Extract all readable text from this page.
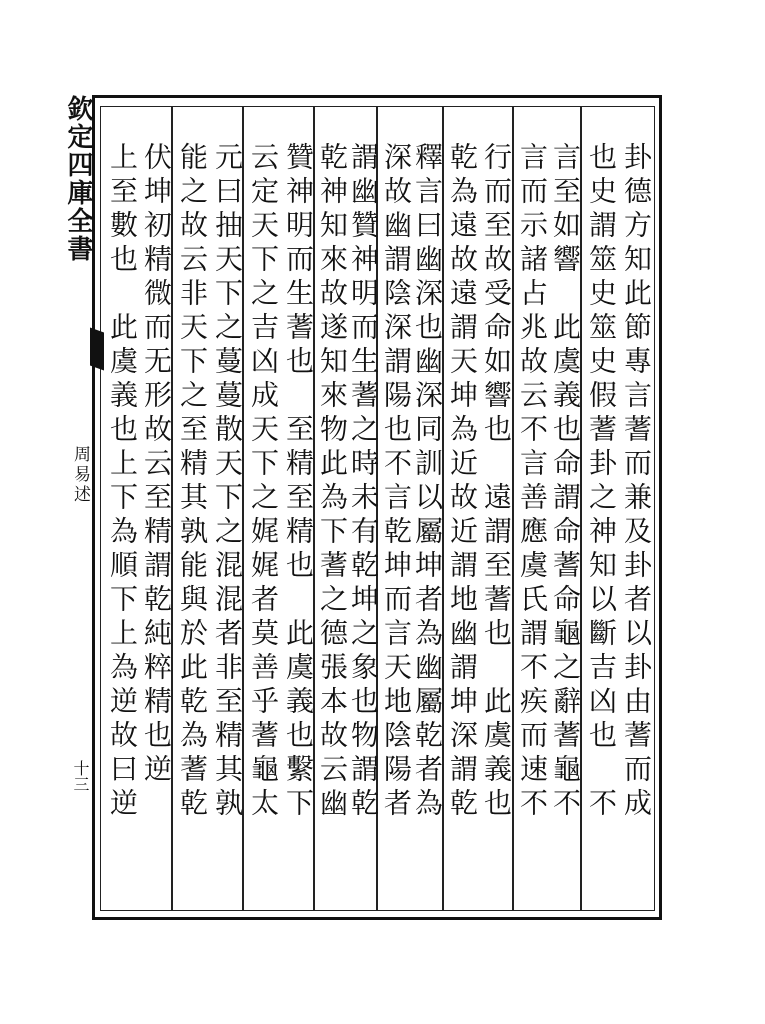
欽定四庫全書
周易述
十三	卦德方知此節專言蓍而兼及卦者以卦由蓍而成
也史謂筮史筮史假蓍卦之神知以斷吉凶也　不
言至如響　此虞義也命謂命蓍命龜之辭蓍龜不
言而示諸占兆故云不言善應虞氏謂不疾而速不
行而至故受命如響也　遠謂至蓍也　此虞義也
乾為遠故遠謂天坤為近故近謂地幽謂坤深謂乾
釋言曰幽深也幽深同訓以屬坤者為幽屬乾者為
深故幽謂陰深謂陽也不言乾坤而言天地陰陽者
謂幽贊神明而生蓍之時未有乾坤之象也物謂乾
乾神知來故遂知來物此為下蓍之德張本故云幽
贊神明而生蓍也　至精至精也　此虞義也繫下
云定天下之吉凶成天下之娓娓者莫善乎蓍龜太
元曰抽天下之蔓蔓散天下之混混者非至精其孰
能之故云非天下之至精其孰能與於此乾為蓍乾
伏坤初精微而无形故云至精謂乾純粹精也逆
上至數也　此虞義也上下為順下上為逆故曰逆
